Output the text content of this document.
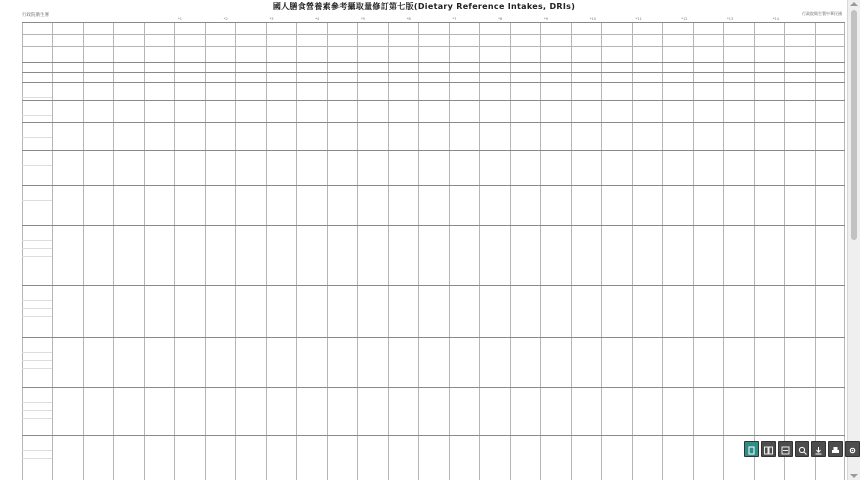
國人膳食營養素參考攝取量修訂第七版(Dietary Reference Intakes, DRIs)
行政院衛生署中華民國
行政院衛生署
*1	*2	*3	*4	*5	*6	*7	*8	*9	*10	*11	*12	*13	*14
